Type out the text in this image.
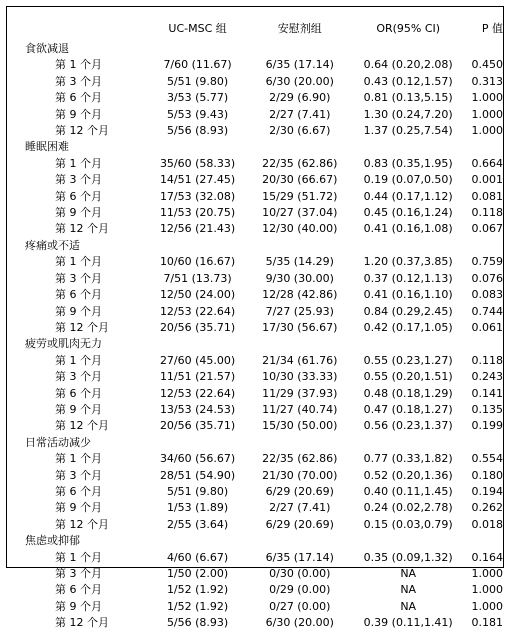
	UC-MSC 组	安慰剂组	OR(95% CI)	P 值
食欲减退				
第 1 个月	7/60 (11.67)	6/35 (17.14)	0.64 (0.20,2.08)	0.450
第 3 个月	5/51 (9.80)	6/30 (20.00)	0.43 (0.12,1.57)	0.313
第 6 个月	3/53 (5.77)	2/29 (6.90)	0.81 (0.13,5.15)	1.000
第 9 个月	5/53 (9.43)	2/27 (7.41)	1.30 (0.24,7.20)	1.000
第 12 个月	5/56 (8.93)	2/30 (6.67)	1.37 (0.25,7.54)	1.000
睡眠困难				
第 1 个月	35/60 (58.33)	22/35 (62.86)	0.83 (0.35,1.95)	0.664
第 3 个月	14/51 (27.45)	20/30 (66.67)	0.19 (0.07,0.50)	0.001
第 6 个月	17/53 (32.08)	15/29 (51.72)	0.44 (0.17,1.12)	0.081
第 9 个月	11/53 (20.75)	10/27 (37.04)	0.45 (0.16,1.24)	0.118
第 12 个月	12/56 (21.43)	12/30 (40.00)	0.41 (0.16,1.08)	0.067
疼痛或不适				
第 1 个月	10/60 (16.67)	5/35 (14.29)	1.20 (0.37,3.85)	0.759
第 3 个月	7/51 (13.73)	9/30 (30.00)	0.37 (0.12,1.13)	0.076
第 6 个月	12/50 (24.00)	12/28 (42.86)	0.41 (0.16,1.10)	0.083
第 9 个月	12/53 (22.64)	7/27 (25.93)	0.84 (0.29,2.45)	0.744
第 12 个月	20/56 (35.71)	17/30 (56.67)	0.42 (0.17,1.05)	0.061
疲劳或肌肉无力				
第 1 个月	27/60 (45.00)	21/34 (61.76)	0.55 (0.23,1.27)	0.118
第 3 个月	11/51 (21.57)	10/30 (33.33)	0.55 (0.20,1.51)	0.243
第 6 个月	12/53 (22.64)	11/29 (37.93)	0.48 (0.18,1.29)	0.141
第 9 个月	13/53 (24.53)	11/27 (40.74)	0.47 (0.18,1.27)	0.135
第 12 个月	20/56 (35.71)	15/30 (50.00)	0.56 (0.23,1.37)	0.199
日常活动减少				
第 1 个月	34/60 (56.67)	22/35 (62.86)	0.77 (0.33,1.82)	0.554
第 3 个月	28/51 (54.90)	21/30 (70.00)	0.52 (0.20,1.36)	0.180
第 6 个月	5/51 (9.80)	6/29 (20.69)	0.40 (0.11,1.45)	0.194
第 9 个月	1/53 (1.89)	2/27 (7.41)	0.24 (0.02,2.78)	0.262
第 12 个月	2/55 (3.64)	6/29 (20.69)	0.15 (0.03,0.79)	0.018
焦虑或抑郁				
第 1 个月	4/60 (6.67)	6/35 (17.14)	0.35 (0.09,1.32)	0.164
第 3 个月	1/50 (2.00)	0/30 (0.00)	NA	1.000
第 6 个月	1/52 (1.92)	0/29 (0.00)	NA	1.000
第 9 个月	1/52 (1.92)	0/27 (0.00)	NA	1.000
第 12 个月	5/56 (8.93)	6/30 (20.00)	0.39 (0.11,1.41)	0.181
